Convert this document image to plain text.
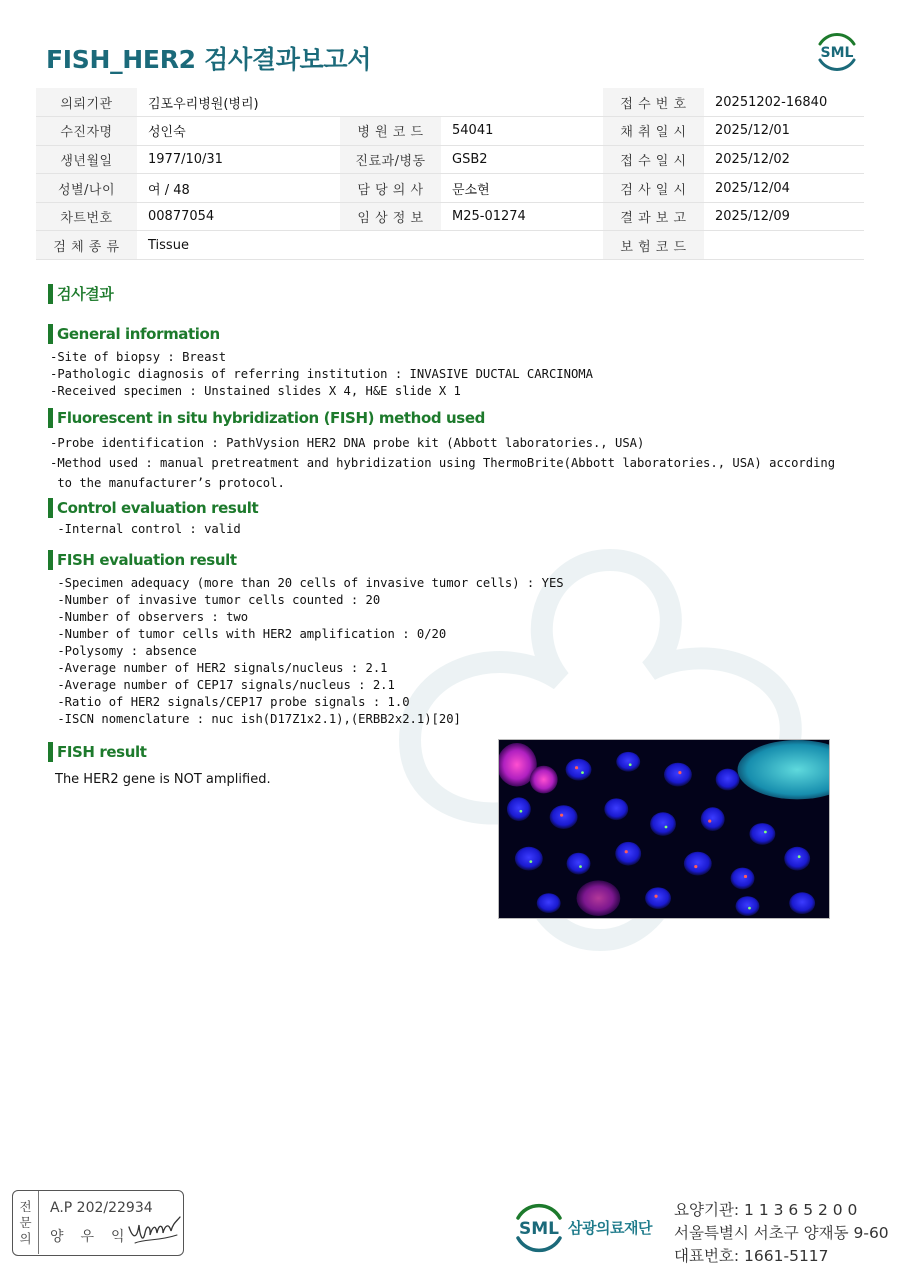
FISH_HER2 검사결과보고서	SML
의뢰기관	김포우리병원(병리)			접 수 번 호	20251202-16840
수진자명	성인숙	병 원 코 드	54041	채 취 일 시	2025/12/01
생년월일	1977/10/31	진료과/병동	GSB2	접 수 일 시	2025/12/02
성별/나이	여 / 48	담 당 의 사	문소현	검 사 일 시	2025/12/04
차트번호	00877054	임 상 정 보	M25-01274	결 과 보 고	2025/12/09
검 체 종 류	Tissue			보 험 코 드	
검사결과
General information
-Site of biopsy : Breast
-Pathologic diagnosis of referring institution : INVASIVE DUCTAL CARCINOMA
-Received specimen : Unstained slides X 4, H&E slide X 1
Fluorescent in situ hybridization (FISH) method used
-Probe identification : PathVysion HER2 DNA probe kit (Abbott laboratories., USA)
-Method used : manual pretreatment and hybridization using ThermoBrite(Abbott laboratories., USA) according
to the manufacturer’s protocol.
Control evaluation result
-Internal control : valid
FISH evaluation result
-Specimen adequacy (more than 20 cells of invasive tumor cells) : YES
-Number of invasive tumor cells counted : 20
-Number of observers : two
-Number of tumor cells with HER2 amplification : 0/20
-Polysomy : absence
-Average number of HER2 signals/nucleus : 2.1
-Average number of CEP17 signals/nucleus : 2.1
-Ratio of HER2 signals/CEP17 probe signals : 1.0
-ISCN nomenclature : nuc ish(D17Z1x2.1),(ERBB2x2.1)[20]
FISH result
The HER2 gene is NOT amplified.
전
문
의
A.P 202/22934
양우익	SML 삼광의료재단
요양기관: 1 1 3 6 5 2 0 0
서울특별시 서초구 양재동 9-60
대표번호: 1661-5117
